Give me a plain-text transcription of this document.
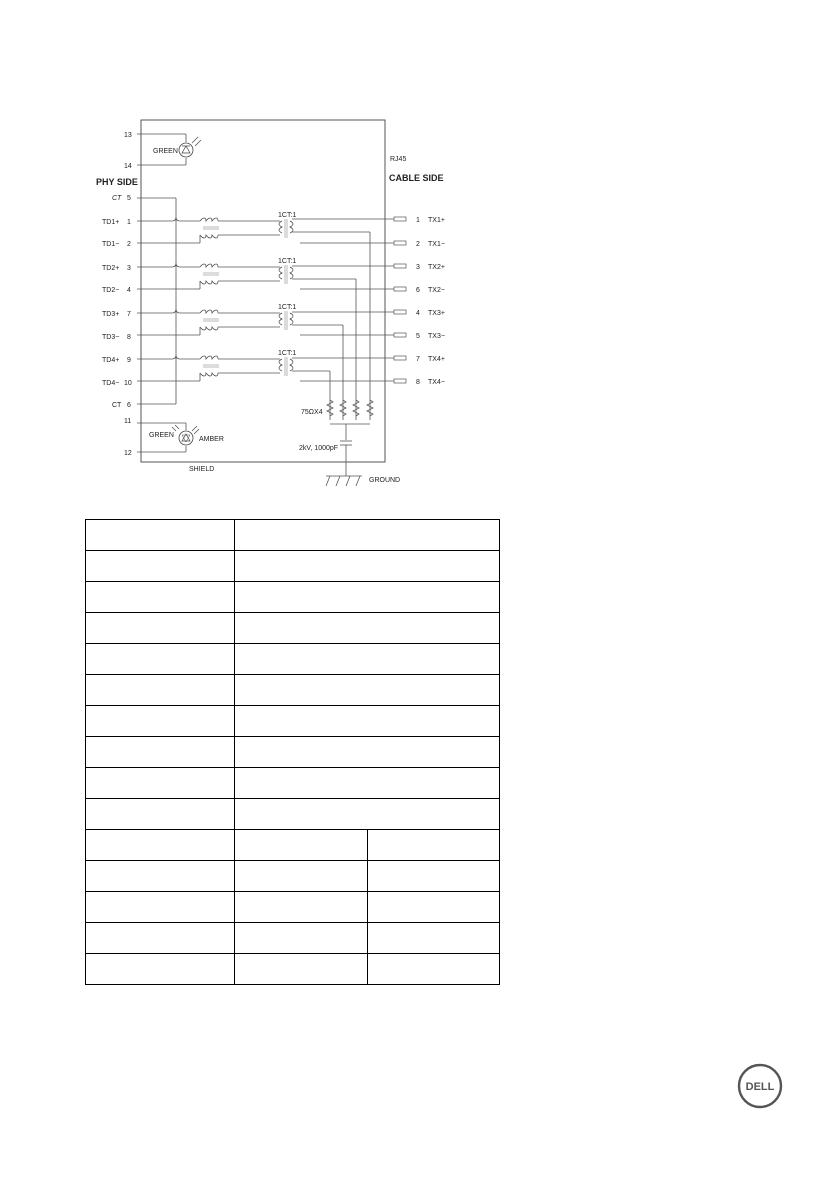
13
14
GREEN
PHY SIDE
RJ45
CABLE SIDE
CT 5
CT 6
TD1+ 1
TD1− 2
TD2+ 3
TD2− 4
TD3+ 7
TD3− 8
TD4+ 9
TD4− 10
1CT:1
1CT:1
1CT:1
1CT:1
1 TX1+
2 TX1−
3 TX2+
6 TX2−
4 TX3+
5 TX3−
7 TX4+
8 TX4−
75ΩX4
2kV, 1000pF
GROUND
SHIELD
11
12
GREEN
AMBER

DELL
